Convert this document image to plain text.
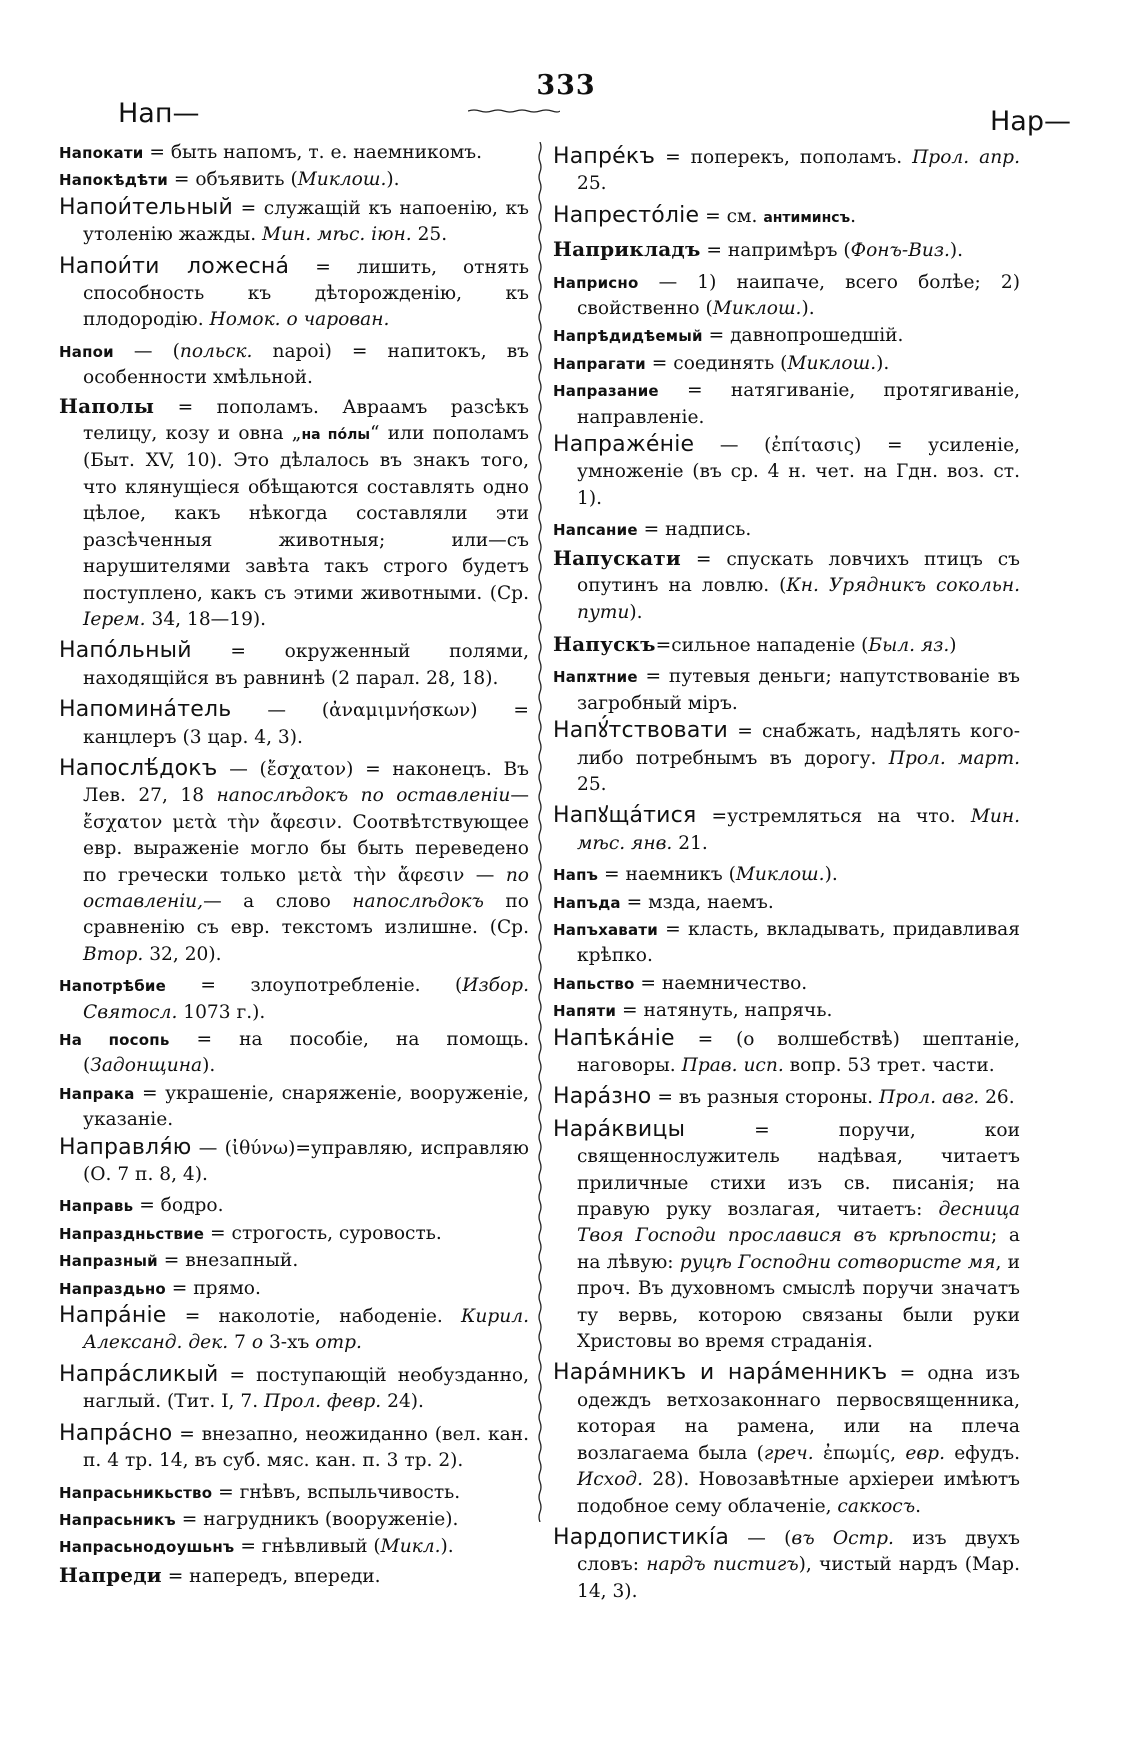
Нап—
333
Нар—

Напокати = быть напомъ, т. е. наемникомъ.

Напокѣдѣти = объявить (Миклош.).

Напои́тельный = служащій къ напоенію, къ утоленію жажды. Мин. мѣс. іюн. 25.

Напои́ти ложесна́ = лишить, отнять способность къ дѣторожденію, къ плодородію. Номок. о чарован.

Напои — (польск. napoi) = напитокъ, въ особенности хмѣльной.

Наполы = пополамъ. Авраамъ разсѣкъ телицу, козу и овна „на по́лы“ или пополамъ (Быт. XV, 10). Это дѣлалось въ знакъ того, что клянущіеся обѣщаются составлять одно цѣлое, какъ нѣкогда составляли эти разсѣченныя животныя; или—съ нарушителями завѣта такъ строго будетъ поступлено, какъ съ этими животными. (Ср. Іерем. 34, 18—19).

Напо́льный = окруженный полями, находящійся въ равнинѣ (2 парал. 28, 18).

Напомина́тель — (ἀναμιμνήσκων) = канцлеръ (3 цар. 4, 3).

Напослѣ́докъ — (ἔσχατον) = наконецъ. Въ Лев. 27, 18 напослѣдокъ по оставленіи—ἔσχατον μετὰ τὴν ἄφεσιν. Соотвѣтствующее евр. выраженіе могло бы быть переведено по гречески только μετὰ τὴν ἄφεσιν — по оставленіи,— а слово напослѣдокъ по сравненію съ евр. текстомъ излишне. (Ср. Втор. 32, 20).

Напотрѣбие = злоупотребленіе. (Избор. Святосл. 1073 г.).

На посопь = на пособіе, на помощь. (Задонщина).

Напрака = украшеніе, снаряженіе, вооруженіе, указаніе.

Направля́ю — (ἰθύνω)=управляю, исправляю (О. 7 п. 8, 4).

Направь = бодро.

Напраздньствие = строгость, суровость.

Напразный = внезапный.

Напраздьно = прямо.

Напра́ніе = наколотіе, набоденіе. Кирил. Александ. дек. 7 о 3-хъ отр.

Напра́сликый = поступающій необузданно, наглый. (Тит. I, 7. Прол. февр. 24).

Напра́сно = внезапно, неожиданно (вел. кан. п. 4 тр. 14, въ суб. мяс. кан. п. 3 тр. 2).

Напрасьникьство = гнѣвъ, вспыльчивость.

Напрасьникъ = нагрудникъ (вооруженіе).

Напрасьнодоушьнъ = гнѣвливый (Микл.).

Напреди = напередъ, впереди.

Напре́къ = поперекъ, пополамъ. Прол. апр. 25.

Напресто́ліе = см. антиминсъ.

Наприкладъ = напримѣръ (Фонъ-Виз.).

Наприсно — 1) наипаче, всего болѣе; 2) свойственно (Миклош.).

Напрѣдидѣемый = давнопрошедшій.

Напрагати = соединять (Миклош.).

Напразание = натягиваніе, протягиваніе, направленіе.

Напраже́ніе — (ἐπίτασις) = усиленіе, умноженіе (въ ср. 4 н. чет. на Гдн. воз. ст. 1).

Напсание = надпись.

Напускати = спускать ловчихъ птицъ съ опутинъ на ловлю. (Кн. Урядникъ сокольн. пути).

Напускъ=сильное нападеніе (Был. яз.)

Напѫтние = путевыя деньги; напутствованіе въ загробный міръ.

Напꙋ́тствовати = снабжать, надѣлять кого-либо потребнымъ въ дорогу. Прол. март. 25.

Напꙋща́тися =устремляться на что. Мин. мѣс. янв. 21.

Напъ = наемникъ (Миклош.).

Напъда = мзда, наемъ.

Напъхавати = класть, вкладывать, придавливая крѣпко.

Напьство = наемничество.

Напяти = натянуть, напрячь.

Напѣка́ніе = (о волшебствѣ) шептаніе, наговоры. Прав. исп. вопр. 53 трет. части.

Нара́зно = въ разныя стороны. Прол. авг. 26.

Нара́квицы = поручи, кои священнослужитель надѣвая, читаетъ приличные стихи изъ св. писанія; на правую руку возлагая, читаетъ: десница Твоя Господи прославися въ крѣпости; а на лѣвую: руцѣ Господни сотвористе мя, и проч. Въ духовномъ смыслѣ поручи значатъ ту вервь, которою связаны были руки Христовы во время страданія.

Нара́мникъ и нара́менникъ = одна изъ одеждъ ветхозаконнаго первосвященника, которая на рамена, или на плеча возлагаема была (греч. ἐπωμίς, евр. ефудъ. Исход. 28). Новозавѣтные архіереи имѣютъ подобное сему облаченіе, саккосъ.

Нардопистикі́а — (въ Остр. изъ двухъ словъ: нардъ пистигъ), чистый нардъ (Мар. 14, 3).
